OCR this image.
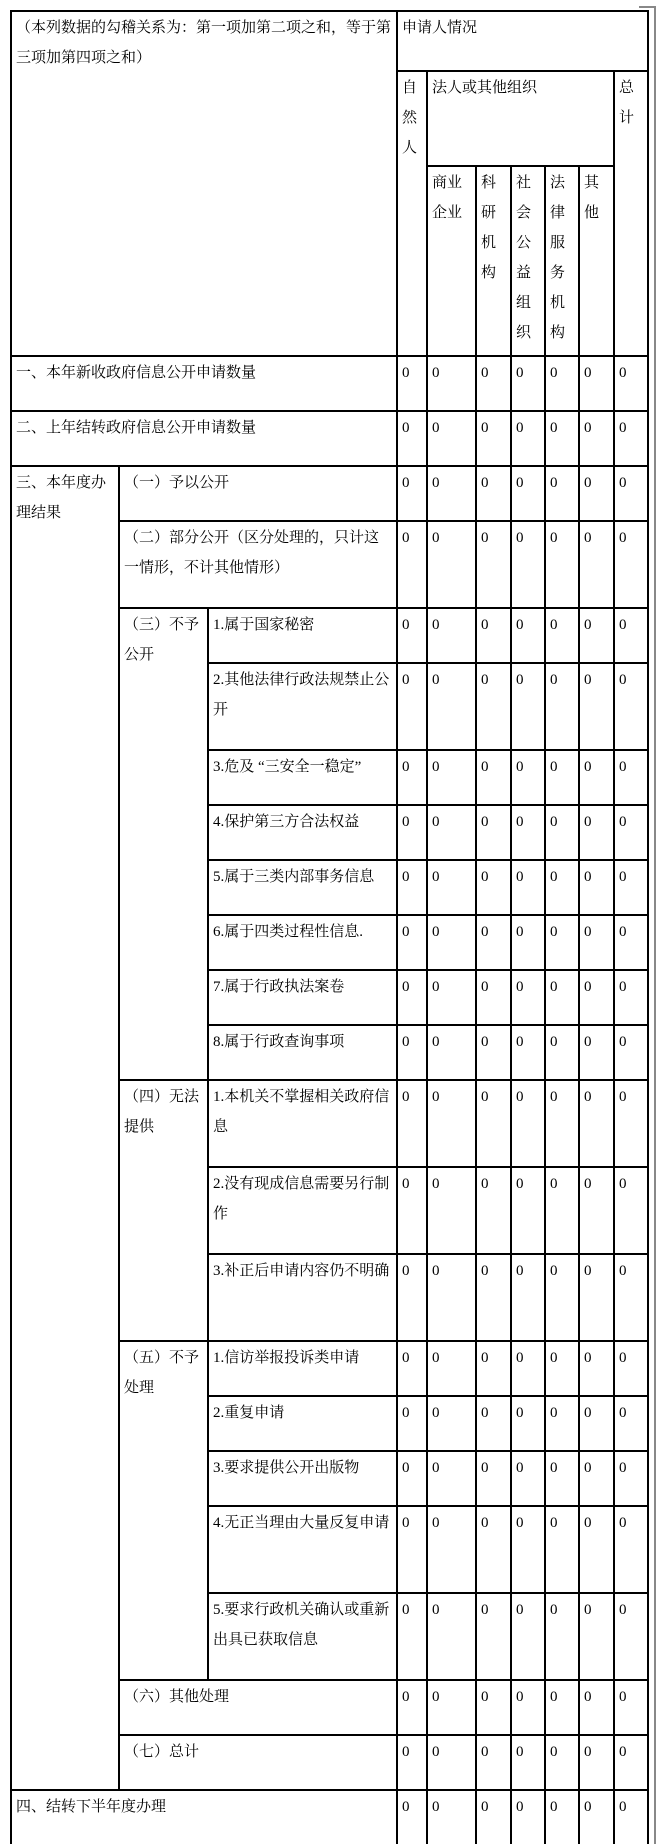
（本列数据的勾稽关系为：第一项加第二项之和，等于第三项加第四项之和）			申请人情况						
			自然人	法人或其他组织					总计
				商业企业	科研机构	社会公益组织	法律服务机构	其他	
一、本年新收政府信息公开申请数量			0	0	0	0	0	0	0
二、上年结转政府信息公开申请数量			0	0	0	0	0	0	0
三、本年度办理结果	（一）予以公开		0	0	0	0	0	0	0
	（二）部分公开（区分处理的，只计这一情形，不计其他情形）		0	0	0	0	0	0	0
	（三）不予公开	1.属于国家秘密	0	0	0	0	0	0	0
		2.其他法律行政法规禁止公开	0	0	0	0	0	0	0
		3.危及 “三安全一稳定”	0	0	0	0	0	0	0
		4.保护第三方合法权益	0	0	0	0	0	0	0
		5.属于三类内部事务信息	0	0	0	0	0	0	0
		6.属于四类过程性信息.	0	0	0	0	0	0	0
		7.属于行政执法案卷	0	0	0	0	0	0	0
		8.属于行政查询事项	0	0	0	0	0	0	0
	（四）无法提供	1.本机关不掌握相关政府信息	0	0	0	0	0	0	0
		2.没有现成信息需要另行制作	0	0	0	0	0	0	0
		3.补正后申请内容仍不明确	0	0	0	0	0	0	0
	（五）不予处理	1.信访举报投诉类申请	0	0	0	0	0	0	0
		2.重复申请	0	0	0	0	0	0	0
		3.要求提供公开出版物	0	0	0	0	0	0	0
		4.无正当理由大量反复申请	0	0	0	0	0	0	0
		5.要求行政机关确认或重新出具已获取信息	0	0	0	0	0	0	0
	（六）其他处理		0	0	0	0	0	0	0
	（七）总计		0	0	0	0	0	0	0
四、结转下半年度办理			0	0	0	0	0	0	0
